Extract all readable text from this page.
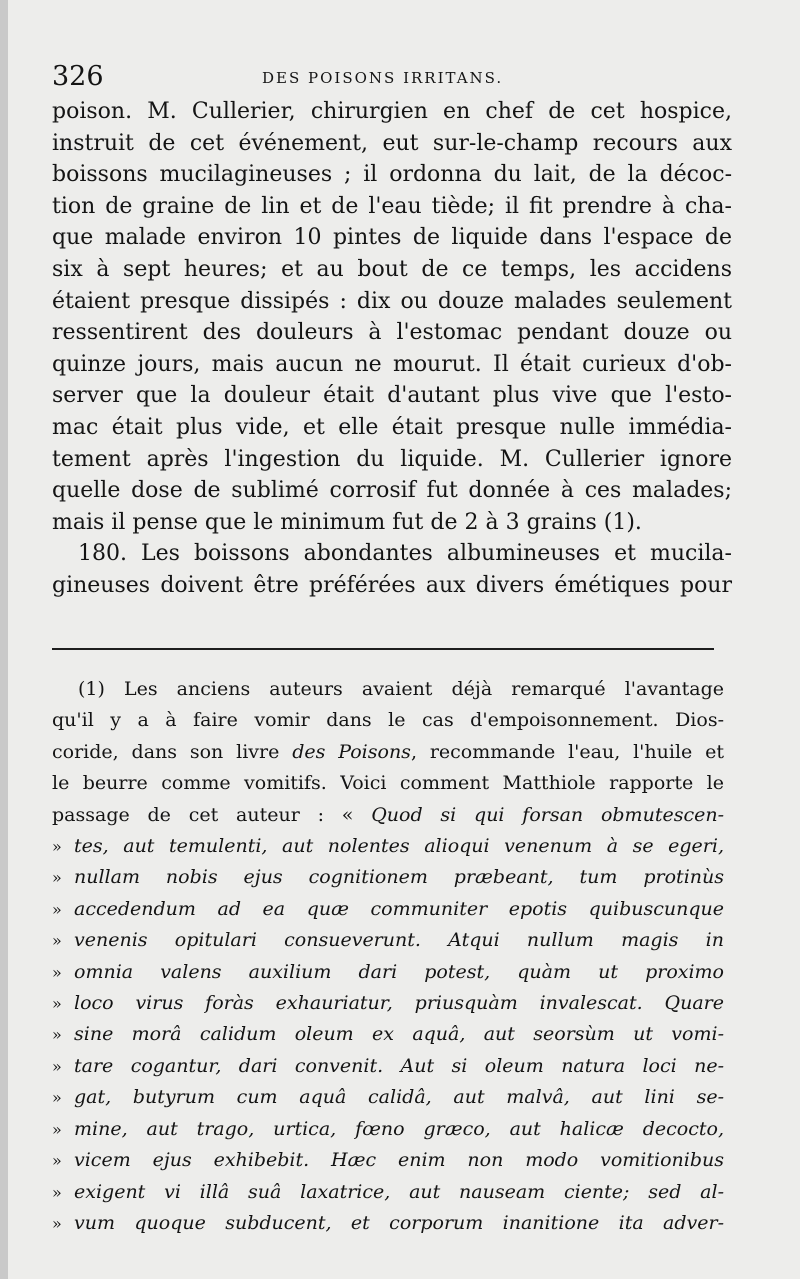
326	DES POISONS IRRITANS.
poison. M. Cullerier, chirurgien en chef de cet hospice,
instruit de cet événement, eut sur-le-champ recours aux
boissons mucilagineuses ; il ordonna du lait, de la décoc-
tion de graine de lin et de l'eau tiède; il fit prendre à cha-
que malade environ 10 pintes de liquide dans l'espace de
six à sept heures; et au bout de ce temps, les accidens
étaient presque dissipés : dix ou douze malades seulement
ressentirent des douleurs à l'estomac pendant douze ou
quinze jours, mais aucun ne mourut. Il était curieux d'ob-
server que la douleur était d'autant plus vive que l'esto-
mac était plus vide, et elle était presque nulle immédia-
tement après l'ingestion du liquide. M. Cullerier ignore
quelle dose de sublimé corrosif fut donnée à ces malades;
mais il pense que le minimum fut de 2 à 3 grains (1).
180. Les boissons abondantes albumineuses et mucila-
gineuses doivent être préférées aux divers émétiques pour
(1) Les anciens auteurs avaient déjà remarqué l'avantage
qu'il y a à faire vomir dans le cas d'empoisonnement. Dios-
coride, dans son livre des Poisons, recommande l'eau, l'huile et
le beurre comme vomitifs. Voici comment Matthiole rapporte le
passage de cet auteur : « Quod si qui forsan obmutescen-
» tes, aut temulenti, aut nolentes alioqui venenum à se egeri,
» nullam nobis ejus cognitionem præbeant, tum protinùs
» accedendum ad ea quæ communiter epotis quibuscunque
» venenis opitulari consueverunt. Atqui nullum magis in
» omnia valens auxilium dari potest, quàm ut proximo
» loco virus foràs exhauriatur, priusquàm invalescat. Quare
» sine morâ calidum oleum ex aquâ, aut seorsùm ut vomi-
» tare cogantur, dari convenit. Aut si oleum natura loci ne-
» gat, butyrum cum aquâ calidâ, aut malvâ, aut lini se-
» mine, aut trago, urtica, fœno græco, aut halicæ decocto,
» vicem ejus exhibebit. Hæc enim non modo vomitionibus
» exigent vi illâ suâ laxatrice, aut nauseam ciente; sed al-
» vum quoque subducent, et corporum inanitione ita adver-
